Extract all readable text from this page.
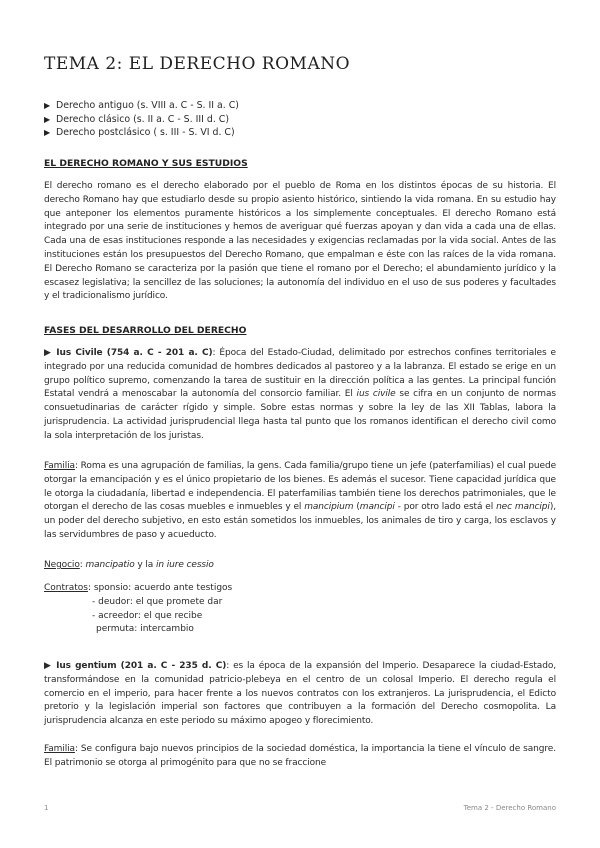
TEMA 2: EL DERECHO ROMANO
▶ Derecho antiguo (s. VIII a. C - S. II a. C)
▶ Derecho clásico (s. II a. C - S. III d. C)
▶ Derecho postclásico ( s. III - S. VI d. C)
EL DERECHO ROMANO Y SUS ESTUDIOS
El derecho romano es el derecho elaborado por el pueblo de Roma en los distintos épocas de su historia. El derecho Romano hay que estudiarlo desde su propio asiento histórico, sintiendo la vida romana. En su estudio hay que anteponer los elementos puramente históricos a los simplemente conceptuales. El derecho Romano está integrado por una serie de instituciones y hemos de averiguar qué fuerzas apoyan y dan vida a cada una de ellas. Cada una de esas instituciones responde a las necesidades y exigencias reclamadas por la vida social. Antes de las instituciones están los presupuestos del Derecho Romano, que empalman e éste con las raíces de la vida romana. El Derecho Romano se caracteriza por la pasión que tiene el romano por el Derecho; el abundamiento jurídico y la escasez legislativa; la sencillez de las soluciones; la autonomía del individuo en el uso de sus poderes y facultades y el tradicionalismo jurídico.
FASES DEL DESARROLLO DEL DERECHO
▶ Ius Civile (754 a. C - 201 a. C): Época del Estado-Ciudad, delimitado por estrechos confines territoriales e integrado por una reducida comunidad de hombres dedicados al pastoreo y a la labranza. El estado se erige en un grupo político supremo, comenzando la tarea de sustituir en la dirección política a las gentes. La principal función Estatal vendrá a menoscabar la autonomía del consorcio familiar. El ius civile se cifra en un conjunto de normas consuetudinarias de carácter rígido y simple. Sobre estas normas y sobre la ley de las XII Tablas, labora la jurisprudencia. La actividad jurisprudencial llega hasta tal punto que los romanos identifican el derecho civil como la sola interpretación de los juristas.
Familia: Roma es una agrupación de familias, la gens. Cada familia/grupo tiene un jefe (paterfamilias) el cual puede otorgar la emancipación y es el único propietario de los bienes. Es además el sucesor. Tiene capacidad jurídica que le otorga la ciudadanía, libertad e independencia. El paterfamilias también tiene los derechos patrimoniales, que le otorgan el derecho de las cosas muebles e inmuebles y el mancipium (mancipi - por otro lado está el nec mancipi), un poder del derecho subjetivo, en esto están sometidos los inmuebles, los animales de tiro y carga, los esclavos y las servidumbres de paso y acueducto.
Negocio: mancipatio y la in iure cessio
Contratos: sponsio: acuerdo ante testigos
- deudor: el que promete dar
- acreedor: el que recibe
permuta: intercambio
▶ Ius gentium (201 a. C - 235 d. C): es la época de la expansión del Imperio. Desaparece la ciudad-Estado, transformándose en la comunidad patricio-plebeya en el centro de un colosal Imperio. El derecho regula el comercio en el imperio, para hacer frente a los nuevos contratos con los extranjeros. La jurisprudencia, el Edicto pretorio y la legislación imperial son factores que contribuyen a la formación del Derecho cosmopolita. La jurisprudencia alcanza en este periodo su máximo apogeo y florecimiento.
Familia: Se configura bajo nuevos principios de la sociedad doméstica, la importancia la tiene el vínculo de sangre. El patrimonio se otorga al primogénito para que no se fraccione
1	Tema 2 - Derecho Romano
